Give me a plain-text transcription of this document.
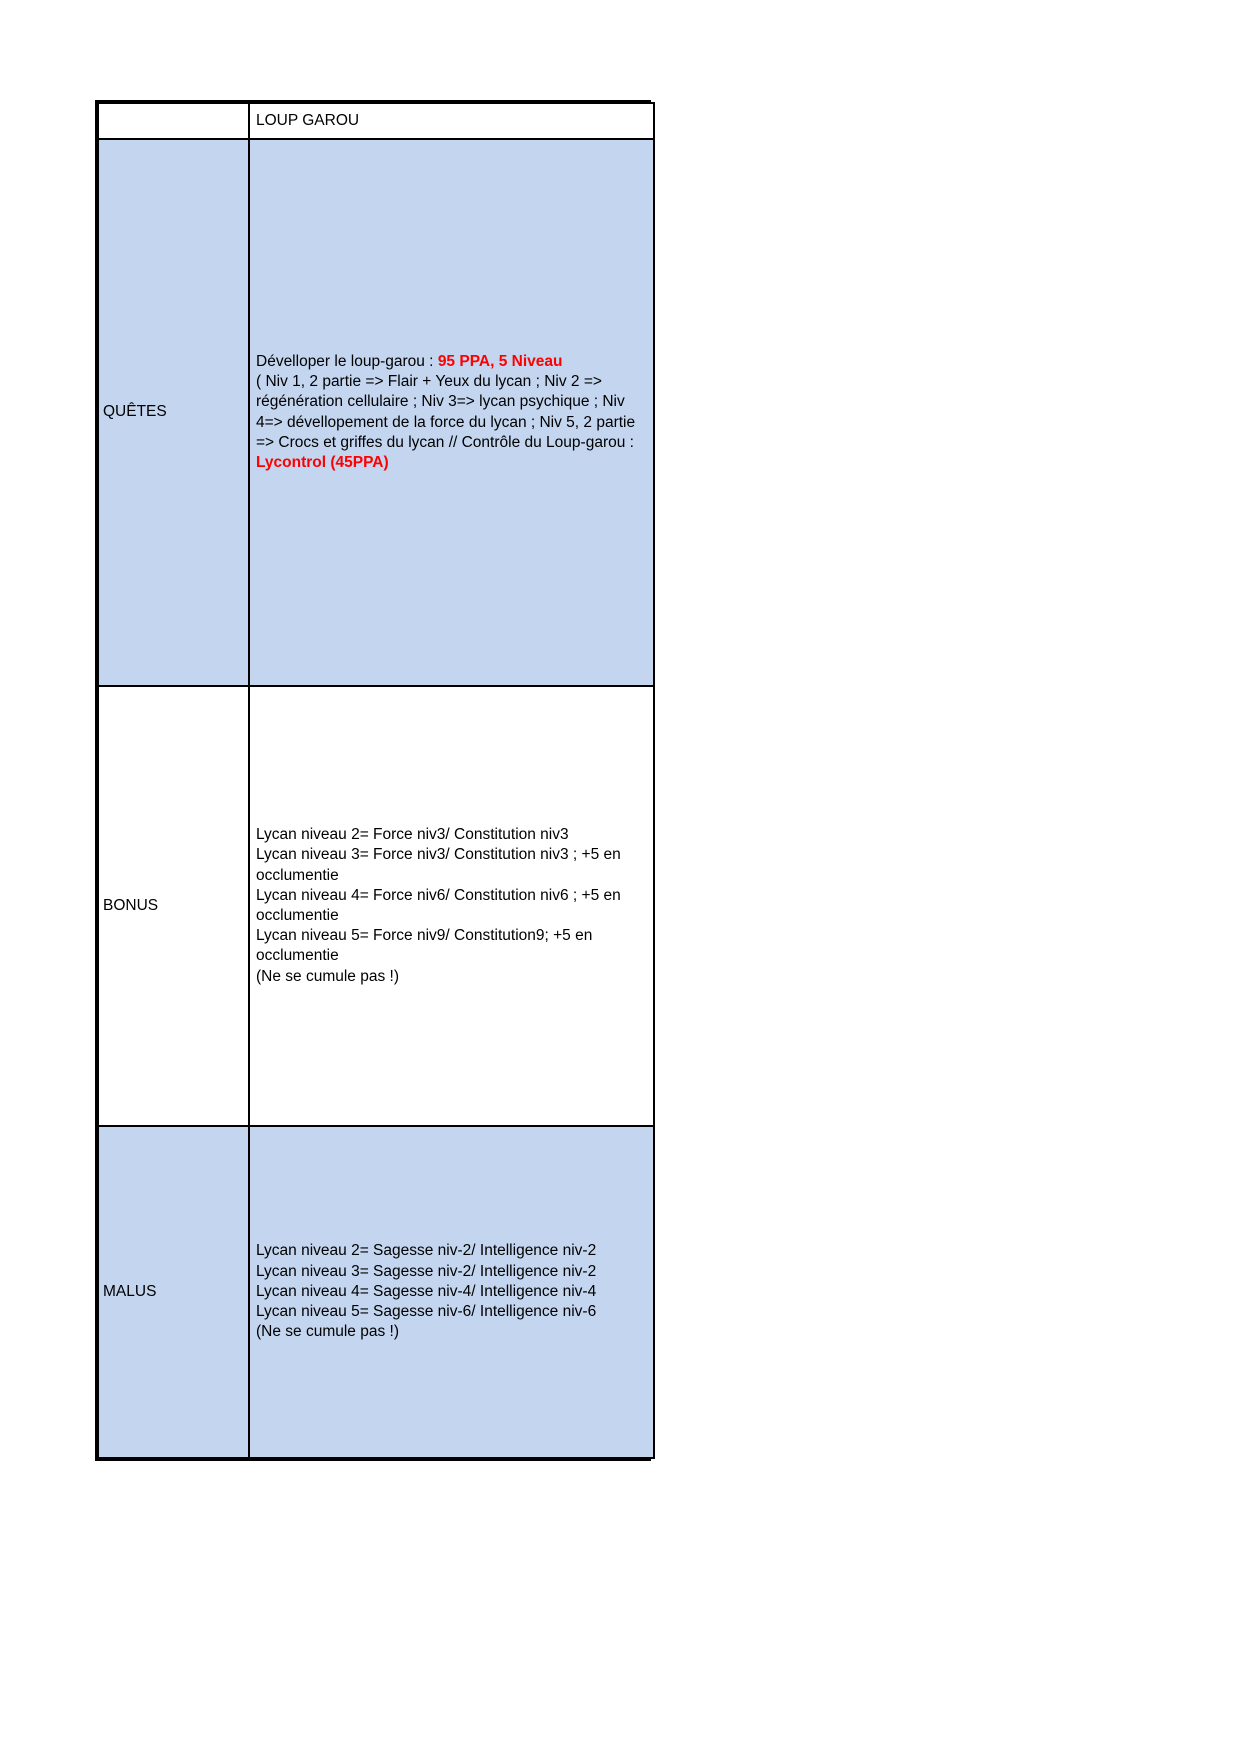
	LOUP GAROU
QUÊTES	Dévelloper le loup-garou : 95 PPA, 5 Niveau

( Niv 1, 2 partie => Flair + Yeux du lycan ; Niv 2 => régénération cellulaire ; Niv 3=> lycan psychique ; Niv 4=> dévellopement de la force du lycan ; Niv 5, 2 partie => Crocs et griffes du lycan // Contrôle du Loup-garou : Lycontrol (45PPA)

BONUS	Lycan niveau 2= Force niv3/ Constitution niv3

Lycan niveau 3= Force niv3/ Constitution niv3 ; +5 en occlumentie

Lycan niveau 4= Force niv6/ Constitution niv6 ; +5 en occlumentie

Lycan niveau 5= Force niv9/ Constitution9; +5 en occlumentie

(Ne se cumule pas !)

MALUS	Lycan niveau 2= Sagesse niv-2/ Intelligence niv-2

Lycan niveau 3= Sagesse niv-2/ Intelligence niv-2

Lycan niveau 4= Sagesse niv-4/ Intelligence niv-4

Lycan niveau 5= Sagesse niv-6/ Intelligence niv-6

(Ne se cumule pas !)
